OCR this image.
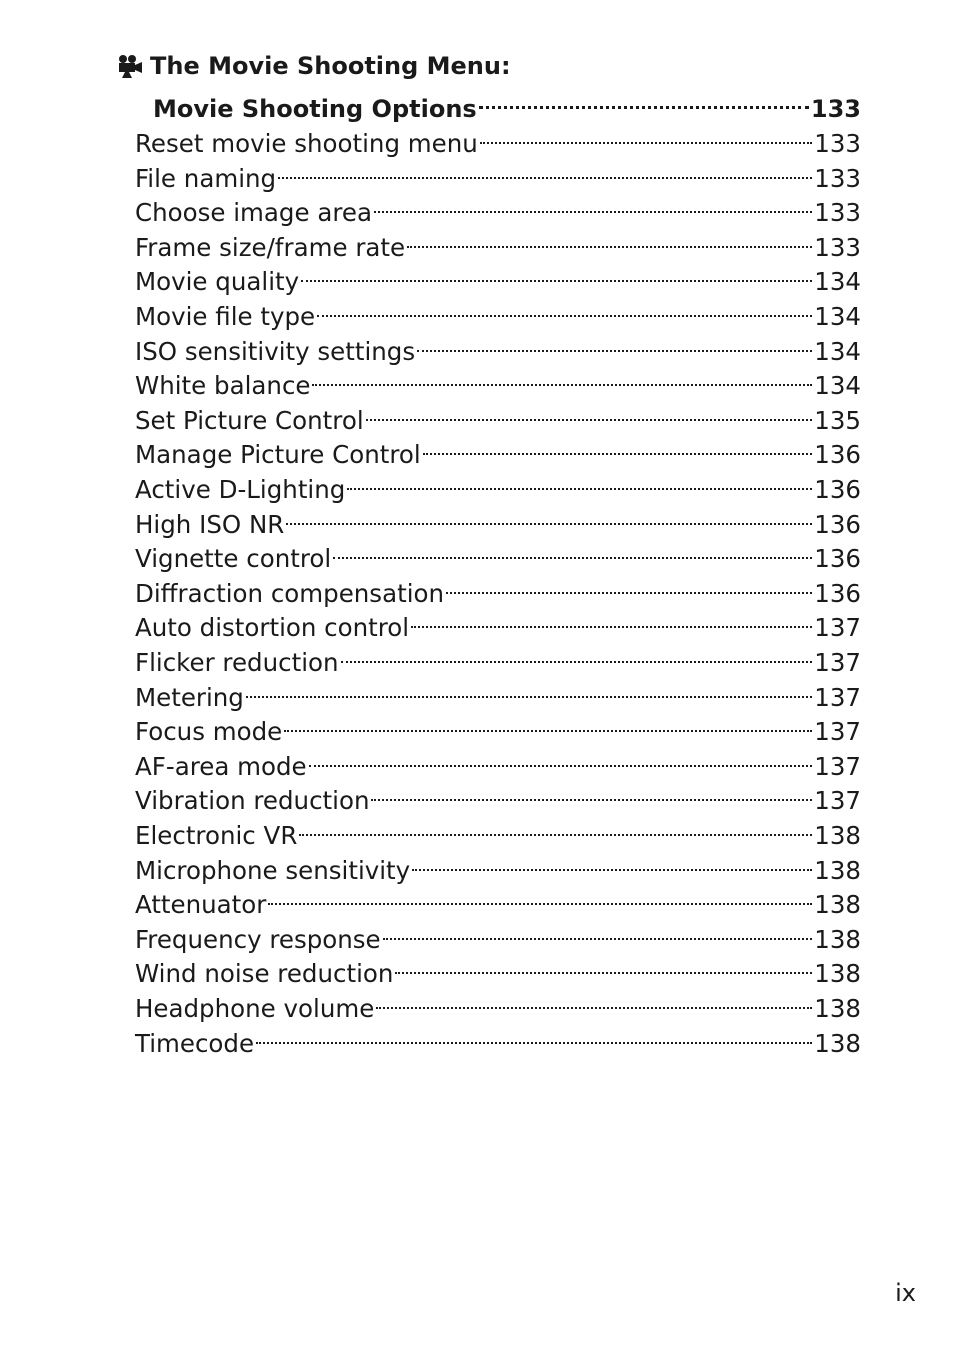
The Movie Shooting Menu:
Movie Shooting Options	133
Reset movie shooting menu	133
File naming	133
Choose image area	133
Frame size/frame rate	133
Movie quality	134
Movie file type	134
ISO sensitivity settings	134
White balance	134
Set Picture Control	135
Manage Picture Control	136
Active D-Lighting	136
High ISO NR	136
Vignette control	136
Diffraction compensation	136
Auto distortion control	137
Flicker reduction	137
Metering	137
Focus mode	137
AF-area mode	137
Vibration reduction	137
Electronic VR	138
Microphone sensitivity	138
Attenuator	138
Frequency response	138
Wind noise reduction	138
Headphone volume	138
Timecode	138
ix
